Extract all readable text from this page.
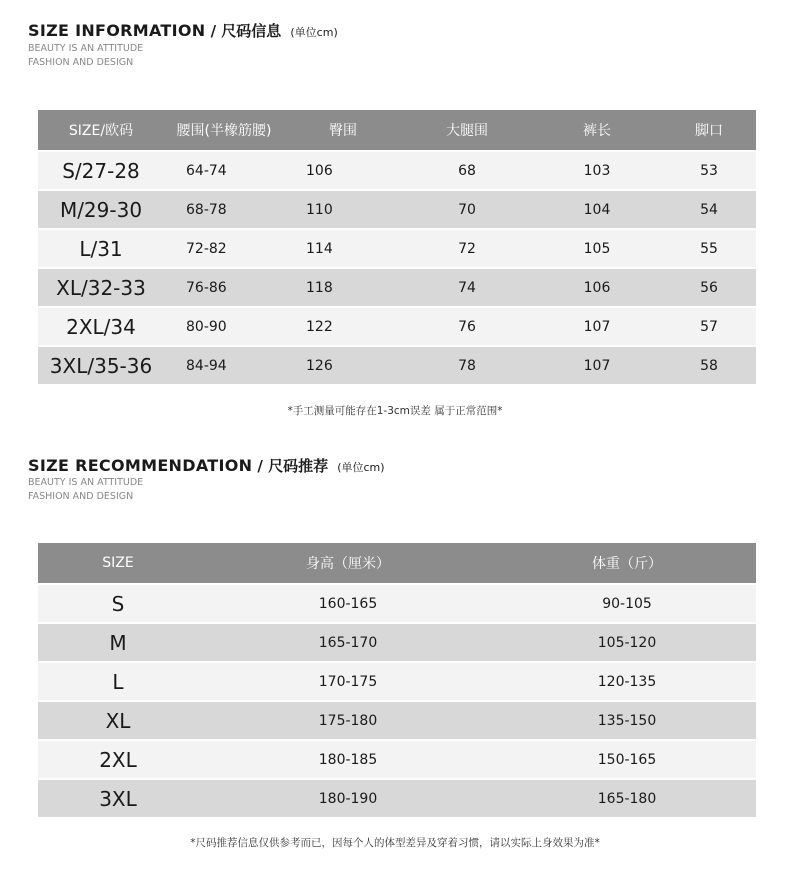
SIZE INFORMATION / 尺码信息 (单位cm)
BEAUTY IS AN ATTITUDE
FASHION AND DESIGN
SIZE/欧码	腰围(半橡筋腰)	臀围	大腿围	裤长	脚口
S/27-28	64-74	106	68	103	53
M/29-30	68-78	110	70	104	54
L/31	72-82	114	72	105	55
XL/32-33	76-86	118	74	106	56
2XL/34	80-90	122	76	107	57
3XL/35-36	84-94	126	78	107	58
*手工测量可能存在1-3cm误差 属于正常范围*
SIZE RECOMMENDATION / 尺码推荐 (单位cm)
BEAUTY IS AN ATTITUDE
FASHION AND DESIGN
SIZE	身高（厘米）	体重（斤）
S	160-165	90-105
M	165-170	105-120
L	170-175	120-135
XL	175-180	135-150
2XL	180-185	150-165
3XL	180-190	165-180
*尺码推荐信息仅供参考而已，因每个人的体型差异及穿着习惯，请以实际上身效果为准*
